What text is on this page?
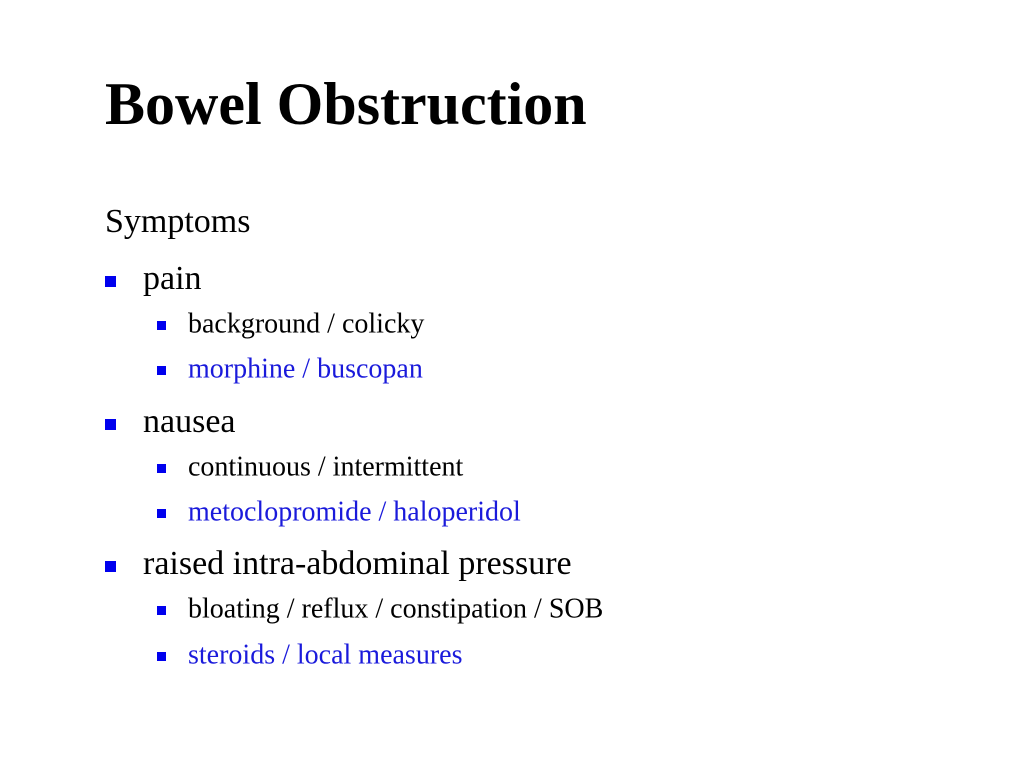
Bowel Obstruction
Symptoms
pain
background / colicky
morphine / buscopan
nausea
continuous / intermittent
metoclopromide / haloperidol
raised intra-abdominal pressure
bloating / reflux / constipation / SOB
steroids / local measures
